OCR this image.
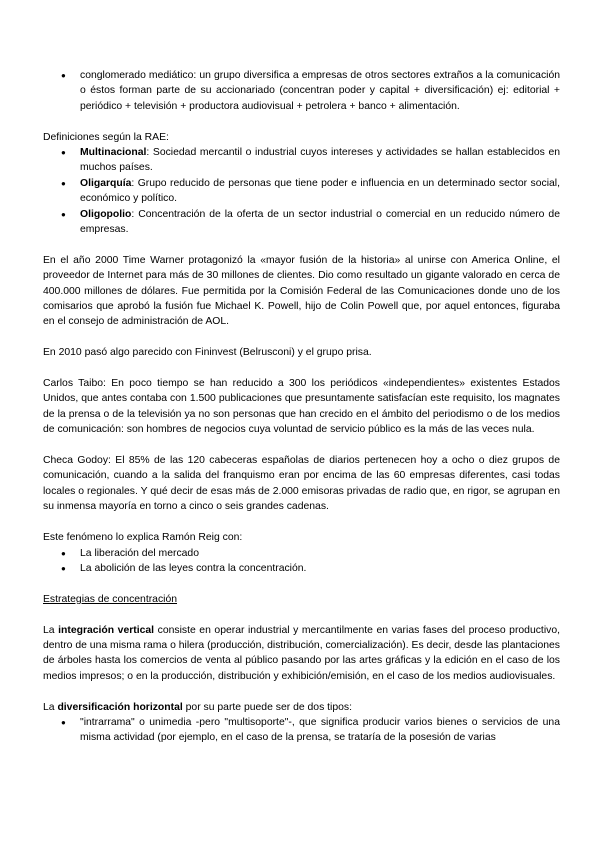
● conglomerado mediático: un grupo diversifica a empresas de otros sectores extraños a la comunicación o éstos forman parte de su accionariado (concentran poder y capital + diversificación) ej: editorial + periódico + televisión + productora audiovisual + petrolera + banco + alimentación.

Definiciones según la RAE:

● Multinacional: Sociedad mercantil o industrial cuyos intereses y actividades se hallan establecidos en muchos países.
● Oligarquía: Grupo reducido de personas que tiene poder e influencia en un determinado sector social, económico y político.
● Oligopolio: Concentración de la oferta de un sector industrial o comercial en un reducido número de empresas.

En el año 2000 Time Warner protagonizó la «mayor fusión de la historia» al unirse con America Online, el proveedor de Internet para más de 30 millones de clientes. Dio como resultado un gigante valorado en cerca de 400.000 millones de dólares. Fue permitida por la Comisión Federal de las Comunicaciones donde uno de los comisarios que aprobó la fusión fue Michael K. Powell, hijo de Colin Powell que, por aquel entonces, figuraba en el consejo de administración de AOL.

En 2010 pasó algo parecido con Fininvest (Belrusconi) y el grupo prisa.

Carlos Taibo: En poco tiempo se han reducido a 300 los periódicos «independientes» existentes Estados Unidos, que antes contaba con 1.500 publicaciones que presuntamente satisfacían este requisito, los magnates de la prensa o de la televisión ya no son personas que han crecido en el ámbito del periodismo o de los medios de comunicación: son hombres de negocios cuya voluntad de servicio público es la más de las veces nula.

Checa Godoy: El 85% de las 120 cabeceras españolas de diarios pertenecen hoy a ocho o diez grupos de comunicación, cuando a la salida del franquismo eran por encima de las 60 empresas diferentes, casi todas locales o regionales. Y qué decir de esas más de 2.000 emisoras privadas de radio que, en rigor, se agrupan en su inmensa mayoría en torno a cinco o seis grandes cadenas.

Este fenómeno lo explica Ramón Reig con:

● La liberación del mercado
● La abolición de las leyes contra la concentración.

Estrategias de concentración

La integración vertical consiste en operar industrial y mercantilmente en varias fases del proceso productivo, dentro de una misma rama o hilera (producción, distribución, comercialización). Es decir, desde las plantaciones de árboles hasta los comercios de venta al público pasando por las artes gráficas y la edición en el caso de los medios impresos; o en la producción, distribución y exhibición/emisión, en el caso de los medios audiovisuales.

La diversificación horizontal por su parte puede ser de dos tipos:

● "intrarrama" o unimedia -pero "multisoporte"-, que significa producir varios bienes o servicios de una misma actividad (por ejemplo, en el caso de la prensa, se trataría de la posesión de varias
